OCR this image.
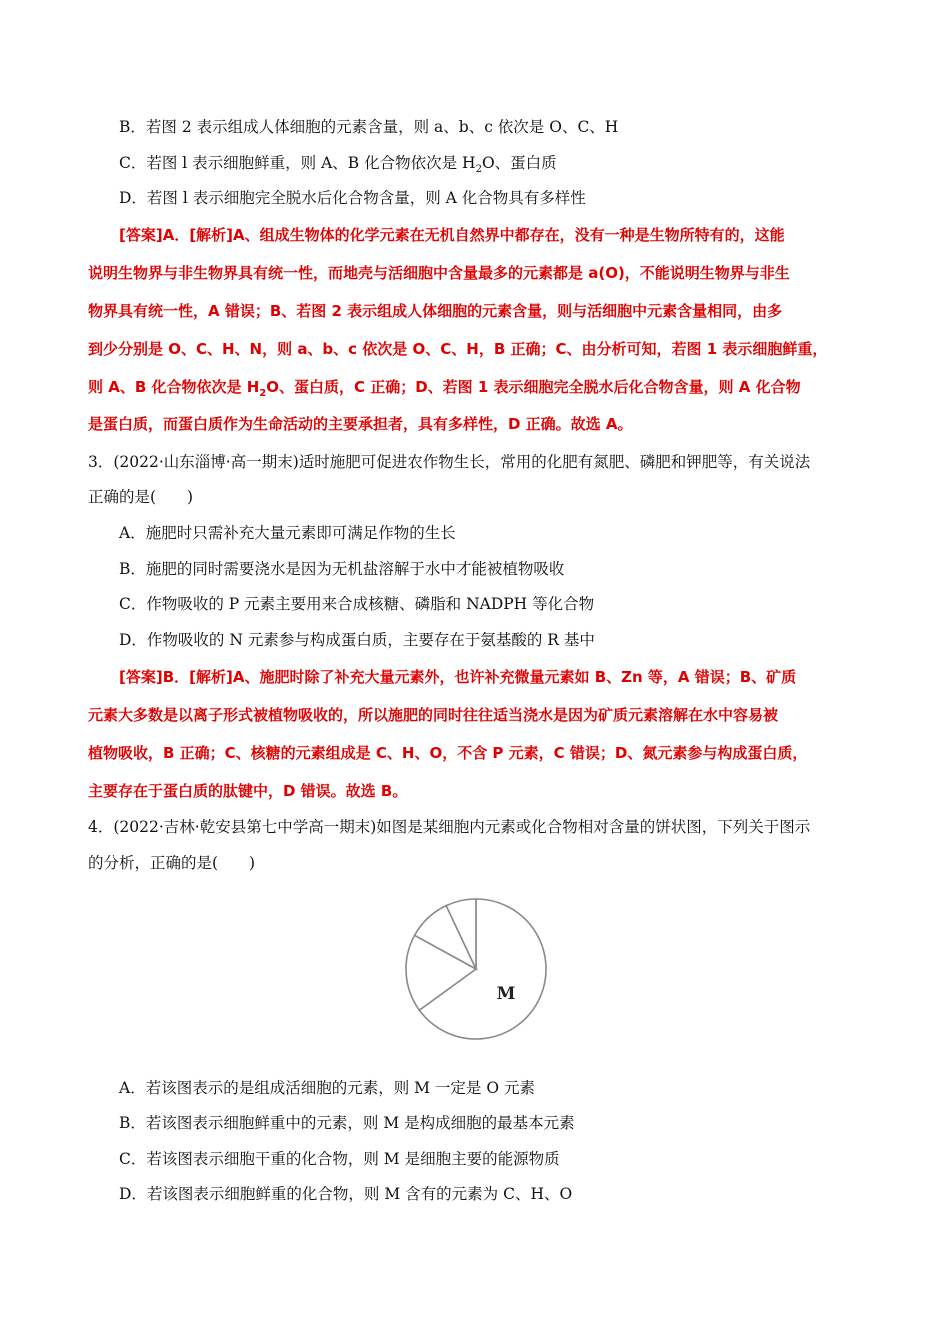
B．若图 2 表示组成人体细胞的元素含量，则 a、b、c 依次是 O、C、H
C．若图 l 表示细胞鲜重，则 A、B 化合物依次是 $H_2O$、蛋白质
D．若图 l 表示细胞完全脱水后化合物含量，则 A 化合物具有多样性
[答案]A．[解析]A、组成生物体的化学元素在无机自然界中都存在，没有一种是生物所特有的，这能
说明生物界与非生物界具有统一性，而地壳与活细胞中含量最多的元素都是 a(O)，不能说明生物界与非生
物界具有统一性，A 错误；B、若图 2 表示组成人体细胞的元素含量，则与活细胞中元素含量相同，由多
到少分别是 O、C、H、N，则 a、b、c 依次是 O、C、H，B 正确；C、由分析可知，若图 1 表示细胞鲜重，
则 A、B 化合物依次是 $H_2O$、蛋白质，C 正确；D、若图 1 表示细胞完全脱水后化合物含量，则 A 化合物
是蛋白质，而蛋白质作为生命活动的主要承担者，具有多样性，D 正确。故选 A。
3．(2022·山东淄博·高一期末)适时施肥可促进农作物生长，常用的化肥有氮肥、磷肥和钾肥等，有关说法
正确的是(　　)
A．施肥时只需补充大量元素即可满足作物的生长
B．施肥的同时需要浇水是因为无机盐溶解于水中才能被植物吸收
C．作物吸收的 P 元素主要用来合成核糖、磷脂和 NADPH 等化合物
D．作物吸收的 N 元素参与构成蛋白质，主要存在于氨基酸的 R 基中
[答案]B．[解析]A、施肥时除了补充大量元素外，也许补充微量元素如 B、Zn 等，A 错误；B、矿质
元素大多数是以离子形式被植物吸收的，所以施肥的同时往往适当浇水是因为矿质元素溶解在水中容易被
植物吸收，B 正确；C、核糖的元素组成是 C、H、O，不含 P 元素，C 错误；D、氮元素参与构成蛋白质，
主要存在于蛋白质的肽键中，D 错误。故选 B。
4．(2022·吉林·乾安县第七中学高一期末)如图是某细胞内元素或化合物相对含量的饼状图，下列关于图示
的分析，正确的是(　　)
M
A．若该图表示的是组成活细胞的元素，则 M 一定是 O 元素
B．若该图表示细胞鲜重中的元素，则 M 是构成细胞的最基本元素
C．若该图表示细胞干重的化合物，则 M 是细胞主要的能源物质
D．若该图表示细胞鲜重的化合物，则 M 含有的元素为 C、H、O
